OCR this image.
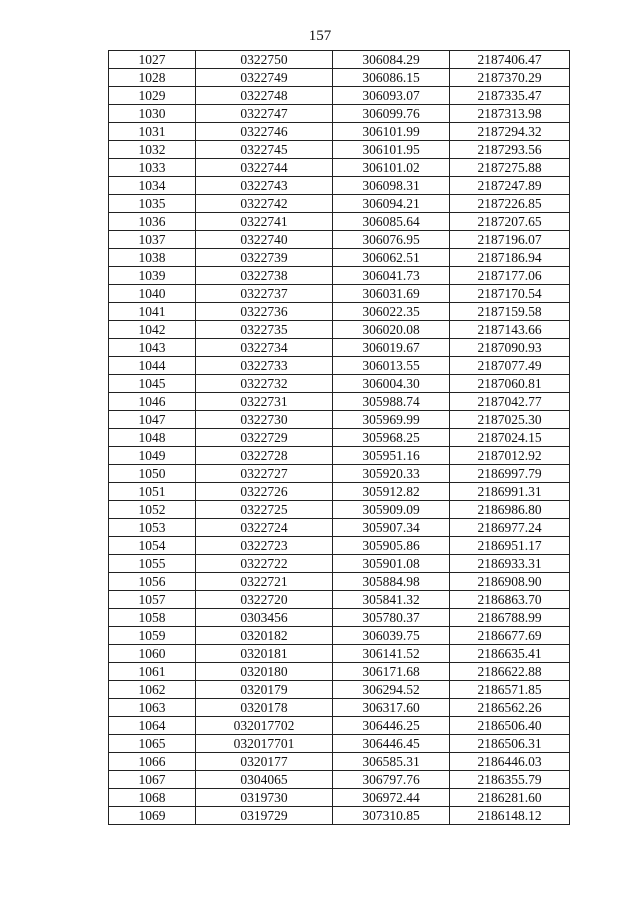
157
1027	0322750	306084.29	2187406.47
1028	0322749	306086.15	2187370.29
1029	0322748	306093.07	2187335.47
1030	0322747	306099.76	2187313.98
1031	0322746	306101.99	2187294.32
1032	0322745	306101.95	2187293.56
1033	0322744	306101.02	2187275.88
1034	0322743	306098.31	2187247.89
1035	0322742	306094.21	2187226.85
1036	0322741	306085.64	2187207.65
1037	0322740	306076.95	2187196.07
1038	0322739	306062.51	2187186.94
1039	0322738	306041.73	2187177.06
1040	0322737	306031.69	2187170.54
1041	0322736	306022.35	2187159.58
1042	0322735	306020.08	2187143.66
1043	0322734	306019.67	2187090.93
1044	0322733	306013.55	2187077.49
1045	0322732	306004.30	2187060.81
1046	0322731	305988.74	2187042.77
1047	0322730	305969.99	2187025.30
1048	0322729	305968.25	2187024.15
1049	0322728	305951.16	2187012.92
1050	0322727	305920.33	2186997.79
1051	0322726	305912.82	2186991.31
1052	0322725	305909.09	2186986.80
1053	0322724	305907.34	2186977.24
1054	0322723	305905.86	2186951.17
1055	0322722	305901.08	2186933.31
1056	0322721	305884.98	2186908.90
1057	0322720	305841.32	2186863.70
1058	0303456	305780.37	2186788.99
1059	0320182	306039.75	2186677.69
1060	0320181	306141.52	2186635.41
1061	0320180	306171.68	2186622.88
1062	0320179	306294.52	2186571.85
1063	0320178	306317.60	2186562.26
1064	032017702	306446.25	2186506.40
1065	032017701	306446.45	2186506.31
1066	0320177	306585.31	2186446.03
1067	0304065	306797.76	2186355.79
1068	0319730	306972.44	2186281.60
1069	0319729	307310.85	2186148.12
